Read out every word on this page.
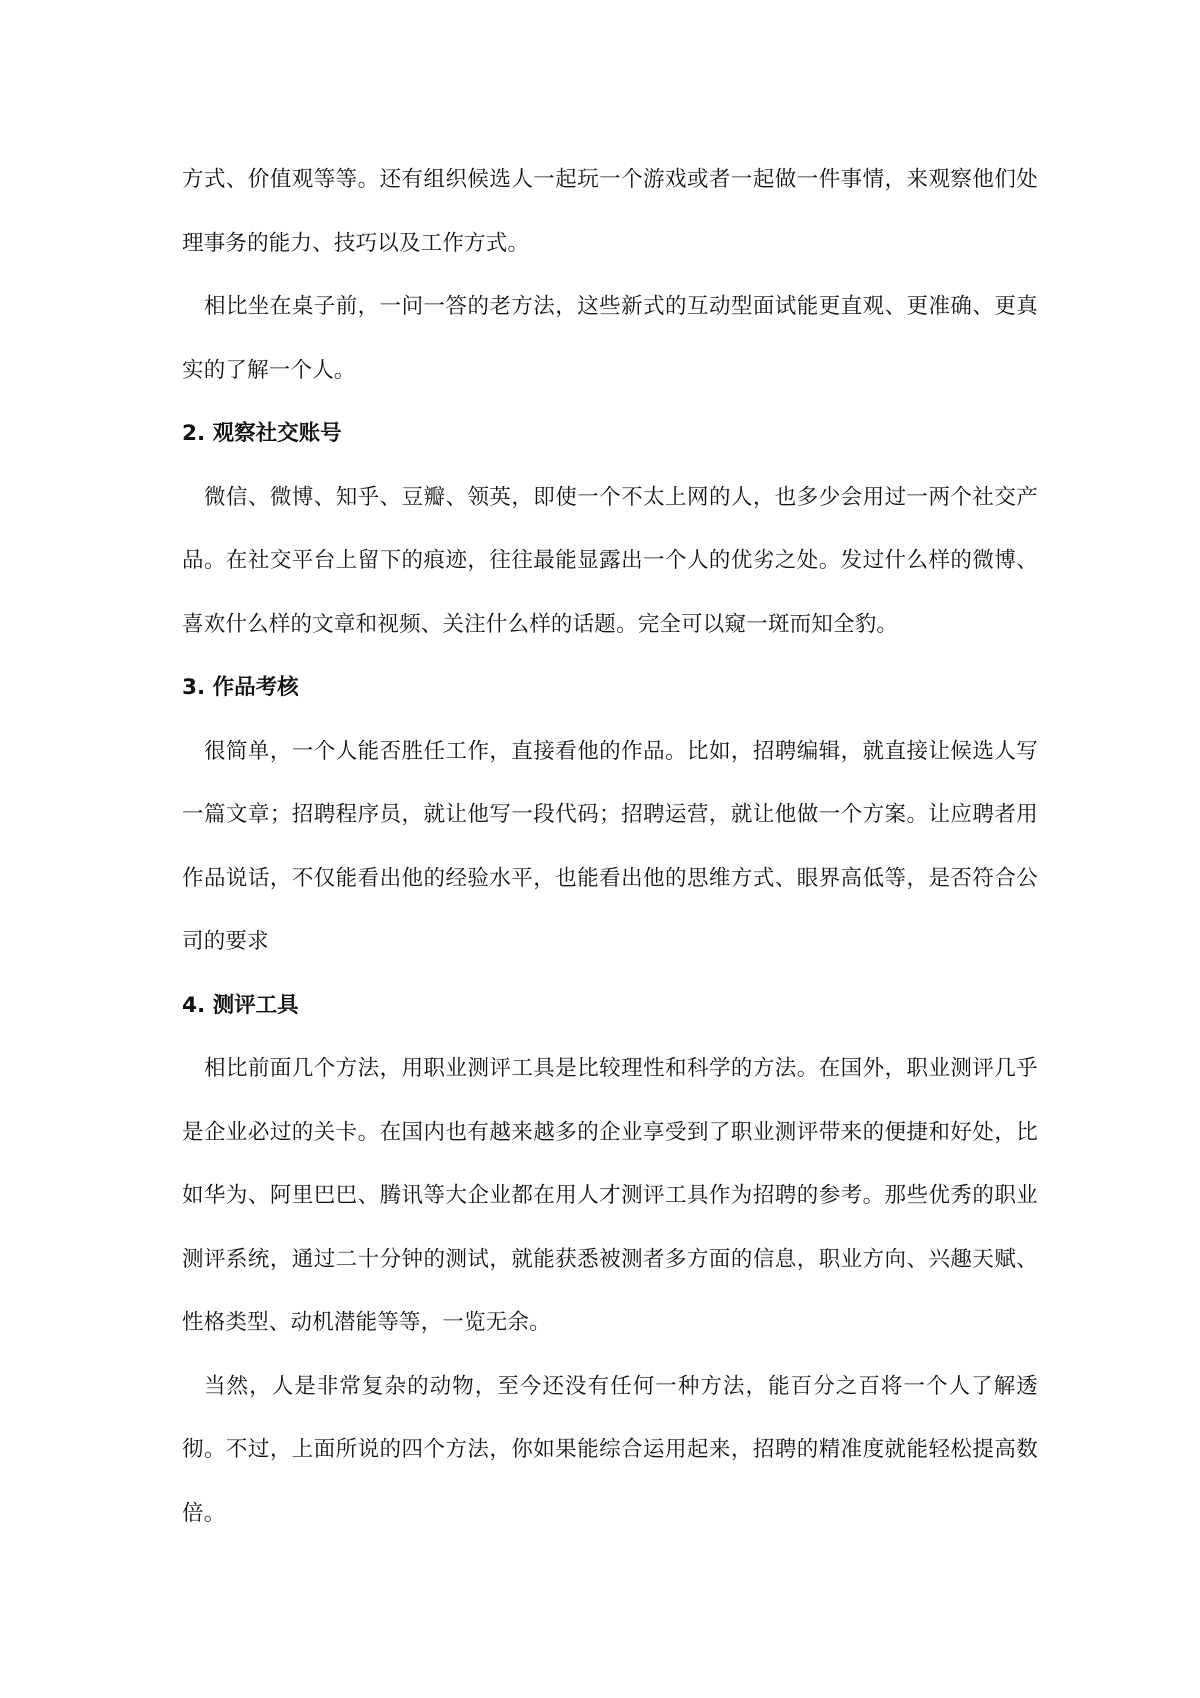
方式、价值观等等。还有组织候选人一起玩一个游戏或者一起做一件事情，来观察他们处理事务的能力、技巧以及工作方式。

相比坐在桌子前，一问一答的老方法，这些新式的互动型面试能更直观、更准确、更真实的了解一个人。

2. 观察社交账号

微信、微博、知乎、豆瓣、领英，即使一个不太上网的人，也多少会用过一两个社交产品。在社交平台上留下的痕迹，往往最能显露出一个人的优劣之处。发过什么样的微博、喜欢什么样的文章和视频、关注什么样的话题。完全可以窥一斑而知全豹。

3. 作品考核

很简单，一个人能否胜任工作，直接看他的作品。比如，招聘编辑，就直接让候选人写一篇文章；招聘程序员，就让他写一段代码；招聘运营，就让他做一个方案。让应聘者用作品说话，不仅能看出他的经验水平，也能看出他的思维方式、眼界高低等，是否符合公司的要求

4. 测评工具

相比前面几个方法，用职业测评工具是比较理性和科学的方法。在国外，职业测评几乎是企业必过的关卡。在国内也有越来越多的企业享受到了职业测评带来的便捷和好处，比如华为、阿里巴巴、腾讯等大企业都在用人才测评工具作为招聘的参考。那些优秀的职业测评系统，通过二十分钟的测试，就能获悉被测者多方面的信息，职业方向、兴趣天赋、性格类型、动机潜能等等，一览无余。

当然，人是非常复杂的动物，至今还没有任何一种方法，能百分之百将一个人了解透彻。不过，上面所说的四个方法，你如果能综合运用起来，招聘的精准度就能轻松提高数倍。
